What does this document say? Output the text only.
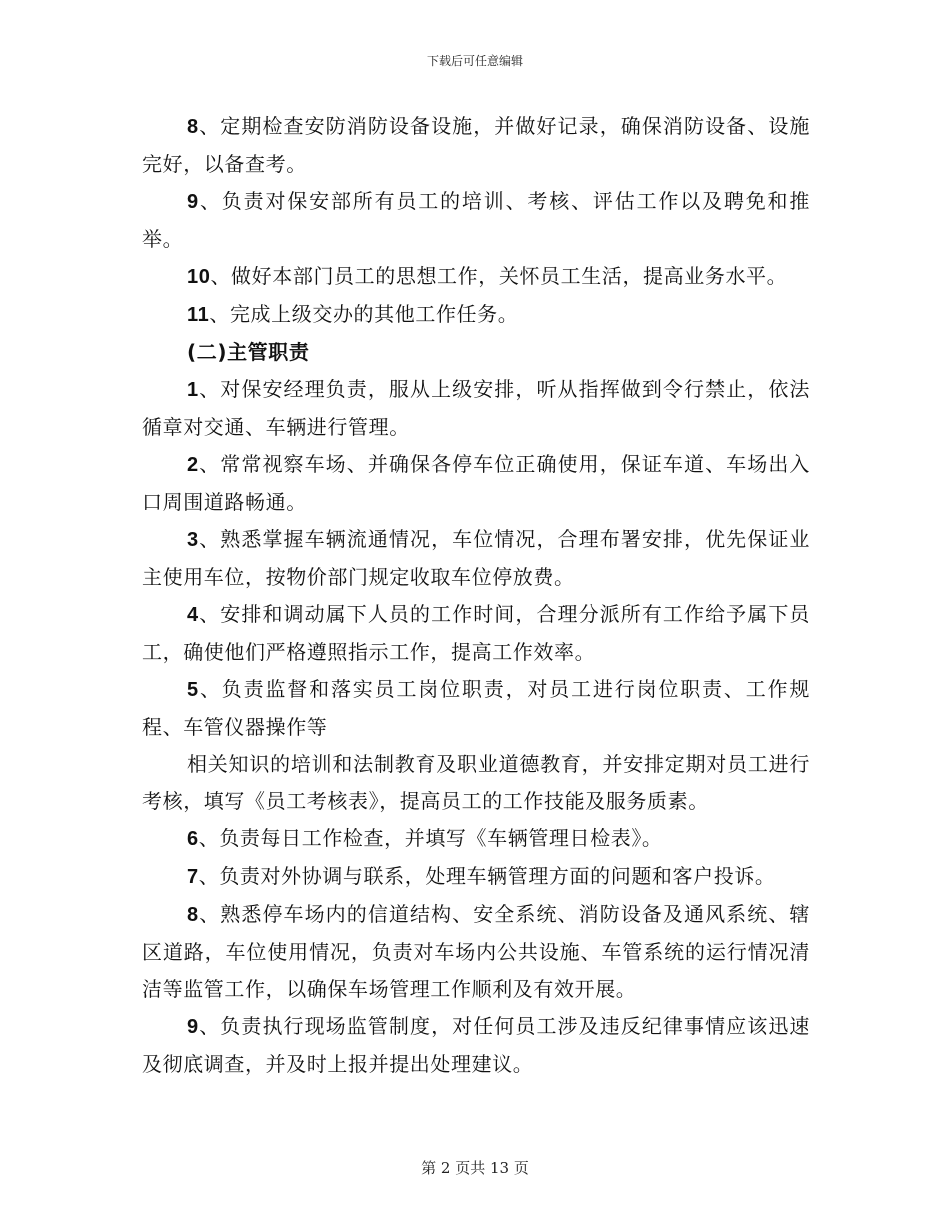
下载后可任意编辑

8、定期检查安防消防设备设施，并做好记录，确保消防设备、设施完好，以备查考。

9、负责对保安部所有员工的培训、考核、评估工作以及聘免和推举。

10、做好本部门员工的思想工作，关怀员工生活，提高业务水平。

11、完成上级交办的其他工作任务。

(二)主管职责

1、对保安经理负责，服从上级安排，听从指挥做到令行禁止，依法循章对交通、车辆进行管理。

2、常常视察车场、并确保各停车位正确使用，保证车道、车场出入口周围道路畅通。

3、熟悉掌握车辆流通情况，车位情况，合理布署安排，优先保证业主使用车位，按物价部门规定收取车位停放费。

4、安排和调动属下人员的工作时间，合理分派所有工作给予属下员工，确使他们严格遵照指示工作，提高工作效率。

5、负责监督和落实员工岗位职责，对员工进行岗位职责、工作规程、车管仪器操作等

相关知识的培训和法制教育及职业道德教育，并安排定期对员工进行考核，填写《员工考核表》，提高员工的工作技能及服务质素。

6、负责每日工作检查，并填写《车辆管理日检表》。

7、负责对外协调与联系，处理车辆管理方面的问题和客户投诉。

8、熟悉停车场内的信道结构、安全系统、消防设备及通风系统、辖区道路，车位使用情况，负责对车场内公共设施、车管系统的运行情况清洁等监管工作，以确保车场管理工作顺利及有效开展。

9、负责执行现场监管制度，对任何员工涉及违反纪律事情应该迅速及彻底调查，并及时上报并提出处理建议。

第 2 页共 13 页
